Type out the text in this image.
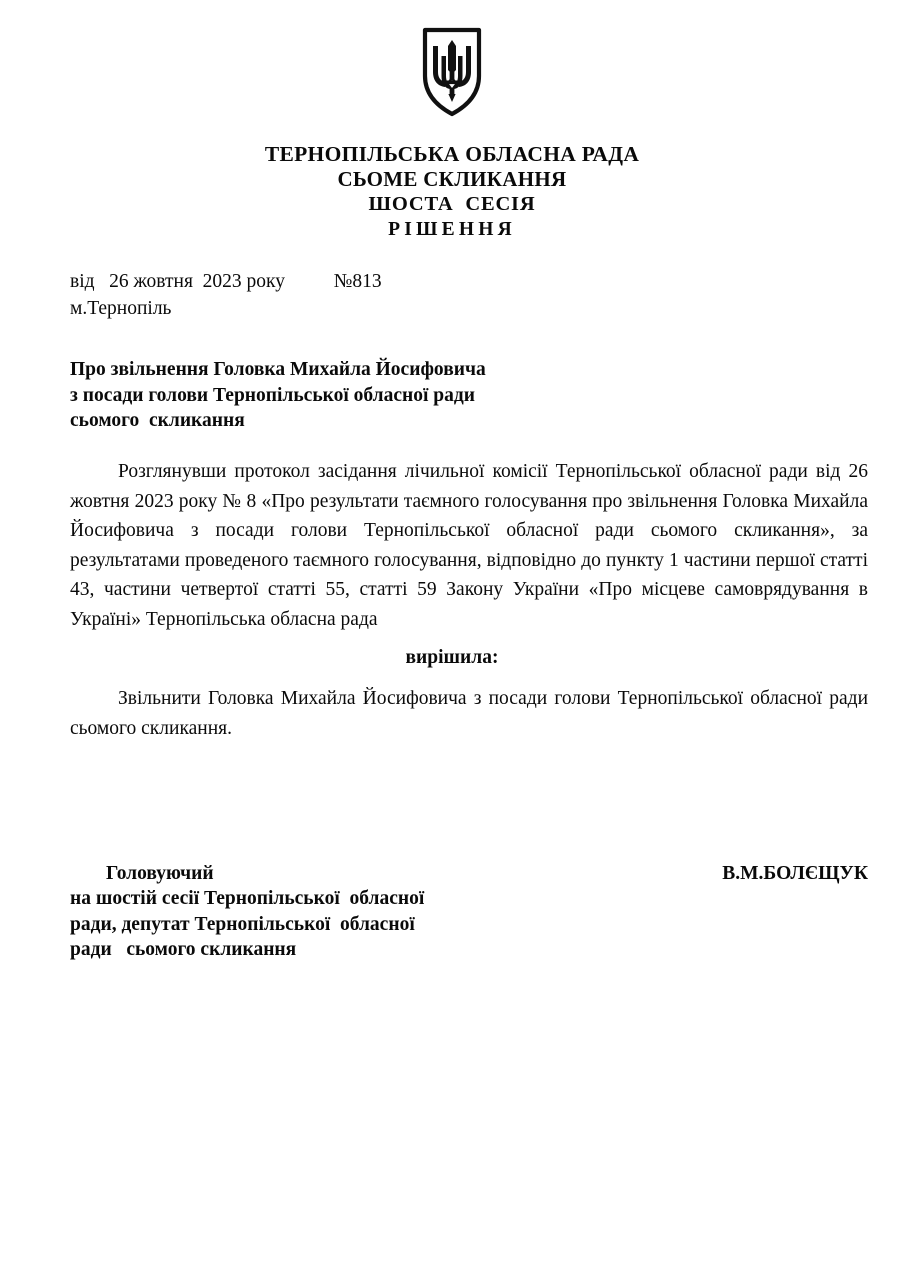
ТЕРНОПІЛЬСЬКА ОБЛАСНА РАДА
СЬОМЕ СКЛИКАННЯ
ШОСТА  СЕСІЯ
РІШЕННЯ
від   26 жовтня  2023 року          №813
м.Тернопіль
Про звільнення Головка Михайла Йосифовича
з посади голови Тернопільської обласної ради
сьомого  скликання

Розглянувши протокол засідання лічильної комісії Тернопільської обласної ради від 26 жовтня 2023 року № 8 «Про результати таємного голосування про звільнення Головка Михайла Йосифовича з посади голови Тернопільської обласної ради сьомого скликання», за результатами проведеного таємного голосування, відповідно до пункту 1 частини першої статті 43, частини четвертої статті 55, статті 59 Закону України «Про місцеве самоврядування в Україні» Тернопільська обласна рада

вирішила:

Звільнити Головка Михайла Йосифовича з посади голови Тернопільської обласної ради сьомого скликання.

Головуючий
на шостій сесії Тернопільської  обласної
ради, депутат Тернопільської  обласної
ради   сьомого скликання
В.М.БОЛЄЩУК
